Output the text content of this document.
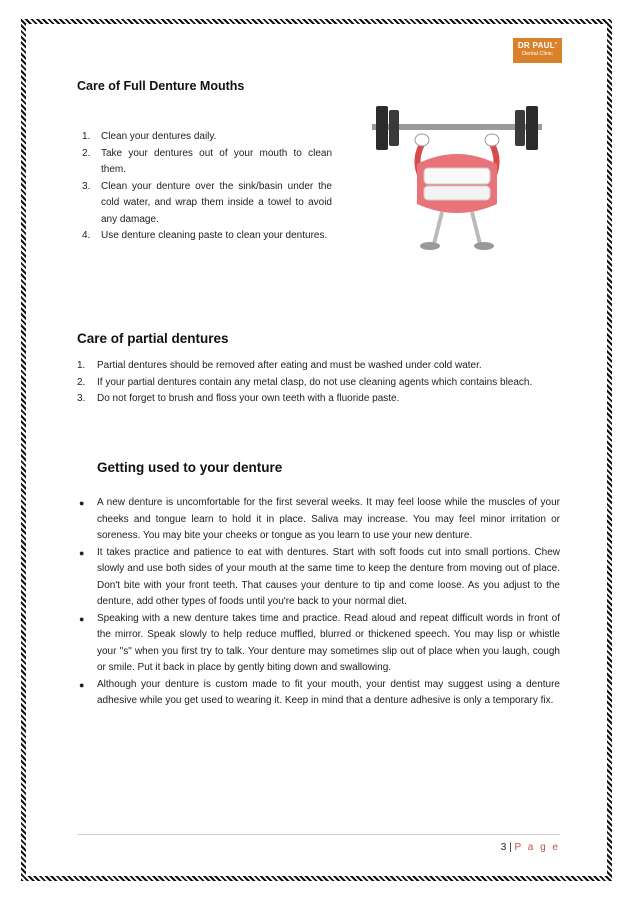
DR PAUL'
Dental Clinic
Care of Full Denture Mouths
1. Clean your dentures daily.
2. Take your dentures out of your mouth to clean them.
3. Clean your denture over the sink/basin under the cold water, and wrap them inside a towel to avoid any damage.
4. Use denture cleaning paste to clean your dentures.
Care of partial dentures
1. Partial dentures should be removed after eating and must be washed under cold water.
2. If your partial dentures contain any metal clasp, do not use cleaning agents which contains bleach.
3. Do not forget to brush and floss your own teeth with a fluoride paste.
Getting used to your denture
● A new denture is uncomfortable for the first several weeks. It may feel loose while the muscles of your cheeks and tongue learn to hold it in place. Saliva may increase. You may feel minor irritation or soreness. You may bite your cheeks or tongue as you learn to use your new denture.
● It takes practice and patience to eat with dentures. Start with soft foods cut into small portions. Chew slowly and use both sides of your mouth at the same time to keep the denture from moving out of place. Don't bite with your front teeth. That causes your denture to tip and come loose. As you adjust to the denture, add other types of foods until you're back to your normal diet.
● Speaking with a new denture takes time and practice. Read aloud and repeat difficult words in front of the mirror. Speak slowly to help reduce muffled, blurred or thickened speech. You may lisp or whistle your "s" when you first try to talk. Your denture may sometimes slip out of place when you laugh, cough or smile. Put it back in place by gently biting down and swallowing.
● Although your denture is custom made to fit your mouth, your dentist may suggest using a denture adhesive while you get used to wearing it. Keep in mind that a denture adhesive is only a temporary fix.
3 | P a g e
